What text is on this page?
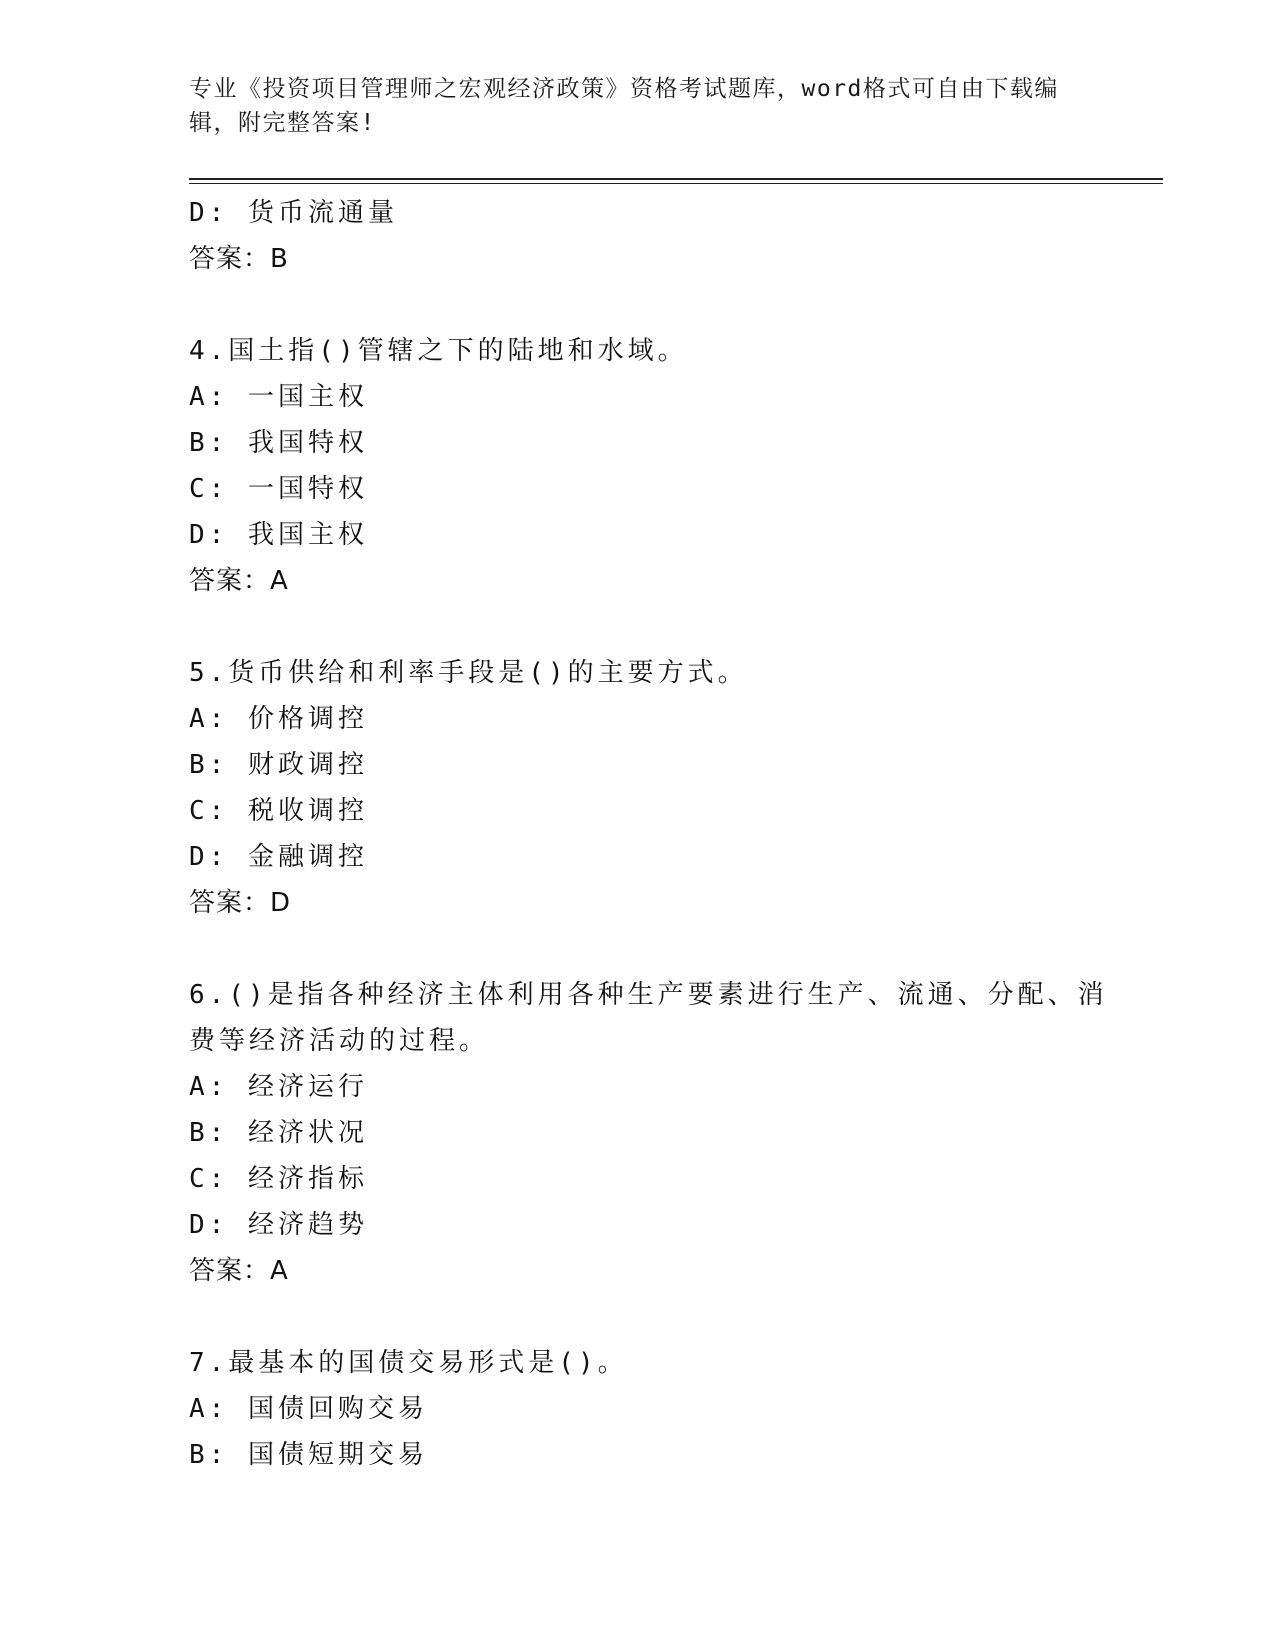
专业《投资项目管理师之宏观经济政策》资格考试题库，word格式可自由下载编
辑，附完整答案!
D: 货币流通量
答案：B
4.国土指()管辖之下的陆地和水域。
A: 一国主权
B: 我国特权
C: 一国特权
D: 我国主权
答案：A
5.货币供给和利率手段是()的主要方式。
A: 价格调控
B: 财政调控
C: 税收调控
D: 金融调控
答案：D
6.()是指各种经济主体利用各种生产要素进行生产、流通、分配、消
费等经济活动的过程。
A: 经济运行
B: 经济状况
C: 经济指标
D: 经济趋势
答案：A
7.最基本的国债交易形式是()。
A: 国债回购交易
B: 国债短期交易
